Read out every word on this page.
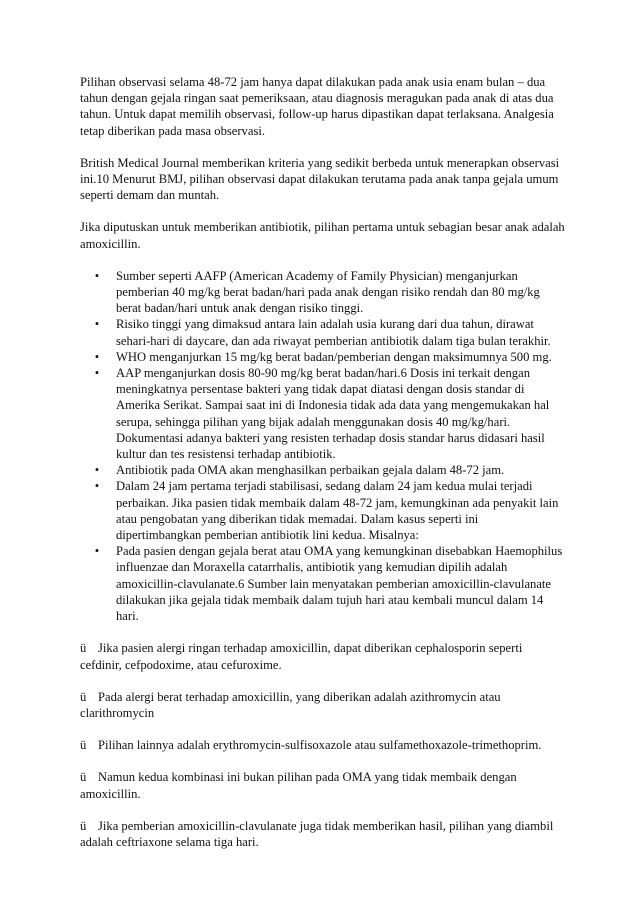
Pilihan observasi selama 48-72 jam hanya dapat dilakukan pada anak usia enam bulan – dua tahun dengan gejala ringan saat pemeriksaan, atau diagnosis meragukan pada anak di atas dua tahun. Untuk dapat memilih observasi, follow-up harus dipastikan dapat terlaksana. Analgesia tetap diberikan pada masa observasi.

British Medical Journal memberikan kriteria yang sedikit berbeda untuk menerapkan observasi ini.10 Menurut BMJ, pilihan observasi dapat dilakukan terutama pada anak tanpa gejala umum seperti demam dan muntah.

Jika diputuskan untuk memberikan antibiotik, pilihan pertama untuk sebagian besar anak adalah amoxicillin.

• Sumber seperti AAFP (American Academy of Family Physician) menganjurkan pemberian 40 mg/kg berat badan/hari pada anak dengan risiko rendah dan 80 mg/kg berat badan/hari untuk anak dengan risiko tinggi.
• Risiko tinggi yang dimaksud antara lain adalah usia kurang dari dua tahun, dirawat sehari-hari di daycare, dan ada riwayat pemberian antibiotik dalam tiga bulan terakhir.
• WHO menganjurkan 15 mg/kg berat badan/pemberian dengan maksimumnya 500 mg.
• AAP menganjurkan dosis 80-90 mg/kg berat badan/hari.6 Dosis ini terkait dengan meningkatnya persentase bakteri yang tidak dapat diatasi dengan dosis standar di Amerika Serikat. Sampai saat ini di Indonesia tidak ada data yang mengemukakan hal serupa, sehingga pilihan yang bijak adalah menggunakan dosis 40 mg/kg/hari. Dokumentasi adanya bakteri yang resisten terhadap dosis standar harus didasari hasil kultur dan tes resistensi terhadap antibiotik.
• Antibiotik pada OMA akan menghasilkan perbaikan gejala dalam 48-72 jam.
• Dalam 24 jam pertama terjadi stabilisasi, sedang dalam 24 jam kedua mulai terjadi perbaikan. Jika pasien tidak membaik dalam 48-72 jam, kemungkinan ada penyakit lain atau pengobatan yang diberikan tidak memadai. Dalam kasus seperti ini dipertimbangkan pemberian antibiotik lini kedua. Misalnya:
• Pada pasien dengan gejala berat atau OMA yang kemungkinan disebabkan Haemophilus influenzae dan Moraxella catarrhalis, antibiotik yang kemudian dipilih adalah amoxicillin-clavulanate.6 Sumber lain menyatakan pemberian amoxicillin-clavulanate dilakukan jika gejala tidak membaik dalam tujuh hari atau kembali muncul dalam 14 hari.

ü Jika pasien alergi ringan terhadap amoxicillin, dapat diberikan cephalosporin seperti cefdinir, cefpodoxime, atau cefuroxime.

ü Pada alergi berat terhadap amoxicillin, yang diberikan adalah azithromycin atau clarithromycin

ü Pilihan lainnya adalah erythromycin-sulfisoxazole atau sulfamethoxazole-trimethoprim.

ü Namun kedua kombinasi ini bukan pilihan pada OMA yang tidak membaik dengan amoxicillin.

ü Jika pemberian amoxicillin-clavulanate juga tidak memberikan hasil, pilihan yang diambil adalah ceftriaxone selama tiga hari.
